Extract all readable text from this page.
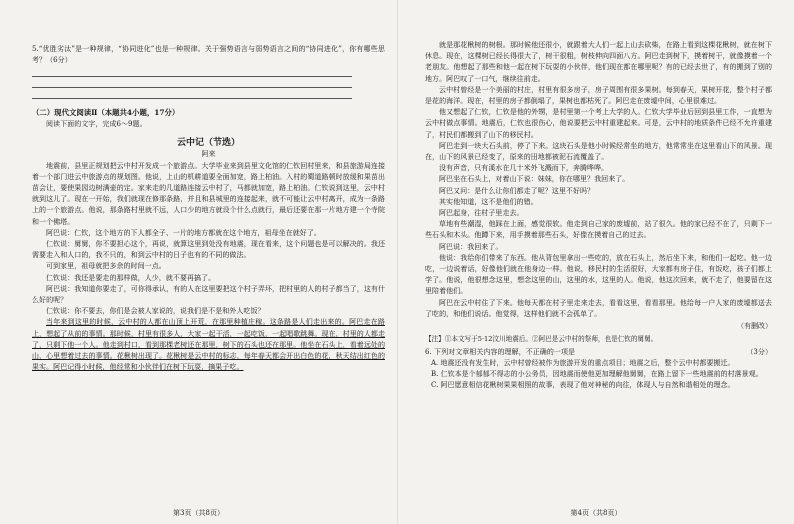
5.“优胜劣汰”是一种规律，“协同进化”也是一种规律。关于强势语言与弱势语言之间的“协同进化”，你有哪些思考？（6分）

（二）现代文阅读Ⅱ（本题共4小题，17分）

阅读下面的文字，完成6～9题。

云中记（节选）

阿来

地震前，县里正规划把云中村开发成一个旅游点。大学毕业来到县里文化馆的仁钦回村里来，和县旅游局连接着一个部门进云中旅游点的规划图。他说，上山的机耕道要全面加宽，路上柏油。入村的蜀道路顿时放缓和果苗出苗会让，要使果园边树满壶的定。家来走的几道路连接云中村了，马都就加宽，路上柏油。仁钦说到这里，云中村就到这儿了。现在一开始，我们就现在修那条路，并且和县城里的连接起来，就不可能让云中村离开，成为一条路上的一个旅游点。他说，那条路村里就不远，人口少的地方就设个什么点就行，最后还要在那一片地方建一个寺院和一个佛塔。

阿巴说：仁钦，这个地方的下人都全子、一片的地方都就在这个地方，祖母坐在就好了。

仁钦说：舅舅，你不要担心这个，再说，就算这里到处没有地震，现在看来，这个问题也是可以解决的。我还需要走入和人口的，我不只的，和到云中村的日子也有的不同的做法。

可到家里，祖母就把多余的时间一点。

仁钦说：我还是要走的那样做，人少，就不要再搞了。

阿巴说：我知道你要走了，可你得承认，有的人在这里要把这个村子弄坏，把村里的人的村子都当了，这有什么好的呢？

仁钦说：你不要去，你们是会被人家说的，说我们是不是和外人吃饭？

当年来到这里的时候，云中村的人都在山顶上开荒，在那里种植庄稼。这条路是人们走出来的。阿巴走在路上，想起了从前的事情。那时候，村里有很多人，大家一起干活，一起吃饭，一起唱歌跳舞。现在，村里的人都走了，只剩下他一个人。他走到村口，看到那棵老树还在那里，树下的石头也还在那里。他坐在石头上，看着远处的山，心里想着过去的事情。花楸树出现了。花楸树是云中村的标志，每年春天都会开出白色的花，秋天结出红色的果实。阿巴记得小时候，他经常和小伙伴们在树下玩耍，摘果子吃。

第3页（共8页）

就是那花楸树的树根。那时候他还很小，就跟着大人们一起上山去砍柴，在路上看到这棵花楸树，就在树下休息。现在，这棵树已经长得很大了，树干很粗，树枝伸向四面八方。阿巴走到树下，摸着树干，就像摸着一个老朋友。他想起了那些和他一起在树下玩耍的小伙伴，他们现在都在哪里呢？有的已经去世了，有的搬到了别的地方。阿巴叹了一口气，继续往前走。

云中村曾经是一个美丽的村庄，村里有很多房子，房子周围有很多果树。每到春天，果树开花，整个村子都是花的海洋。现在，村里的房子都倒塌了，果树也都枯死了。阿巴走在废墟中间，心里很难过。

他又想起了仁钦，仁钦是他的外甥，是村里第一个考上大学的人。仁钦大学毕业后回到县里工作，一直想为云中村做点事情。地震后，仁钦也很伤心，他说要把云中村重建起来。可是，云中村的地质条件已经不允许重建了，村民们都搬到了山下的移民村。

阿巴走到一块大石头前，停了下来。这块石头是他小时候经常坐的地方，他常常坐在这里看山下的风景。现在，山下的风景已经变了，原来的田地都被泥石流覆盖了。

没有声音，只有溪水在几十米外飞溅而下，奔腾哗哗。

阿巴坐在石头上，对着山下说：妹妹，你在哪里？我回来了。

阿巴又问：是什么让你们都走了呢？这里不好吗？

其实他知道，这不是他们的错。

阿巴起身，往村子里走去。

草地有些潮湿，他踩在上面，感觉很软。他走到自己家的废墟前，站了很久。他的家已经不在了，只剩下一些石头和木头。他蹲下来，用手摸着那些石头，好像在摸着自己的过去。

阿巴说：我回来了。

他说：我给你们带来了东西。他从背包里拿出一些吃的，放在石头上，然后坐下来，和他们一起吃。他一边吃，一边说着话，好像他们就在他身边一样。他说，移民村的生活很好，大家都有房子住，有饭吃，孩子们都上学了。他说，他很想念这里，想念这里的山，这里的水，这里的人。他说，他这次回来，就不走了，他要留在这里陪着他们。

阿巴在云中村住了下来。他每天都在村子里走来走去，看看这里，看看那里。他给每一户人家的废墟都送去了吃的，和他们说话。他觉得，这样他们就不会孤单了。

（有删改）

【注】①本文写于5·12汶川地震后。②阿巴是云中村的祭师，也是仁钦的舅舅。

6. 下列对文章相关内容的理解，不正确的一项是	（3分）

A. 地震还没有发生时，云中村曾经被作为旅游开发的重点项目；地震之后，整个云中村都要搬迁。

B. 仁钦本是个郁郁不得志的小公务员，因地震而使他更加理解他舅舅，在路上留下一些地震前的村落景观。

C. 阿巴愿意相信花楸树果果相照的故事，表现了他对神秘的向往，体现人与自然和谐相处的理念。

第4页（共8页）
